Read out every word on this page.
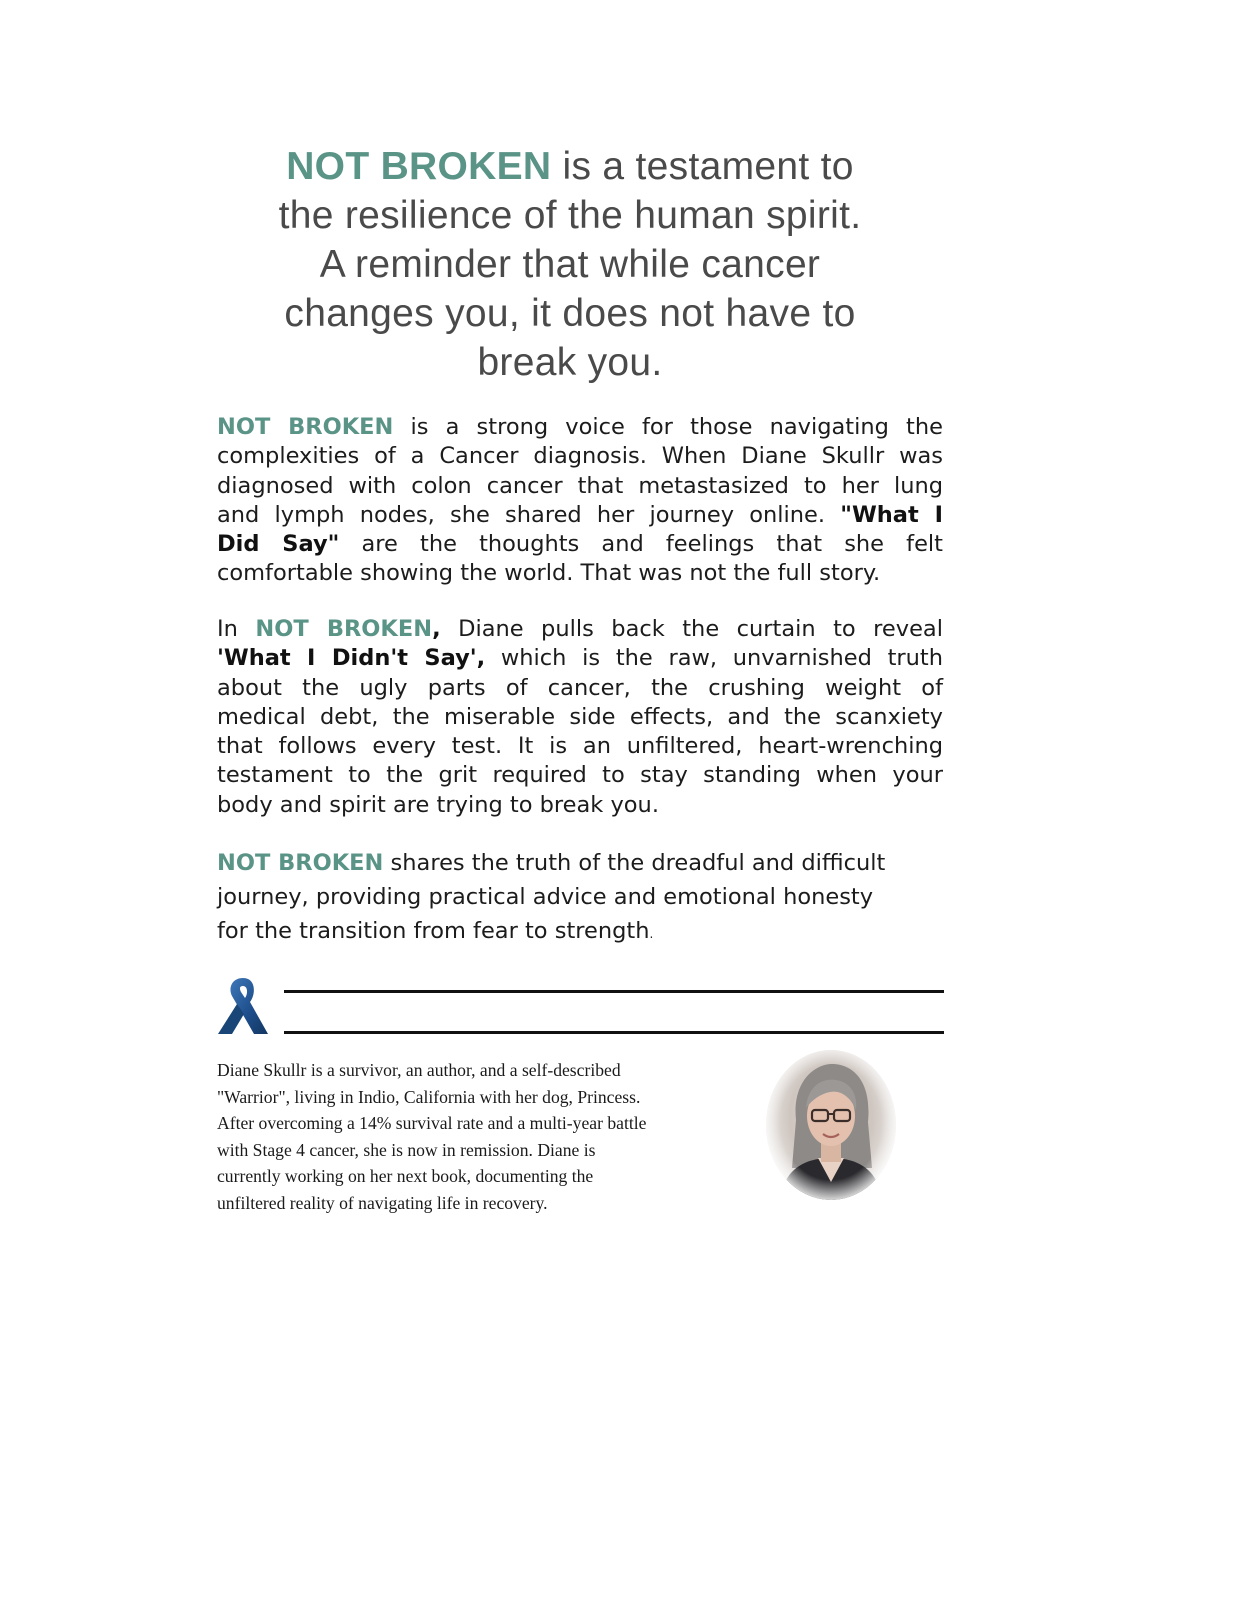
NOT BROKEN is a testament to
the resilience of the human spirit.
A reminder that while cancer
changes you, it does not have to
break you.
NOT BROKEN is a strong voice for those navigating the
complexities of a Cancer diagnosis. When Diane Skullr was
diagnosed with colon cancer that metastasized to her lung
and lymph nodes, she shared her journey online. "What I
Did Say" are the thoughts and feelings that she felt
comfortable showing the world. That was not the full story.
In NOT BROKEN, Diane pulls back the curtain to reveal
'What I Didn't Say', which is the raw, unvarnished truth
about the ugly parts of cancer, the crushing weight of
medical debt, the miserable side effects, and the scanxiety
that follows every test. It is an unfiltered, heart-wrenching
testament to the grit required to stay standing when your
body and spirit are trying to break you.
NOT BROKEN shares the truth of the dreadful and difficult
journey, providing practical advice and emotional honesty
for the transition from fear to strength.
Diane Skullr is a survivor, an author, and a self-described
"Warrior", living in Indio, California with her dog, Princess.
After overcoming a 14% survival rate and a multi-year battle
with Stage 4 cancer, she is now in remission. Diane is
currently working on her next book, documenting the
unfiltered reality of navigating life in recovery.
